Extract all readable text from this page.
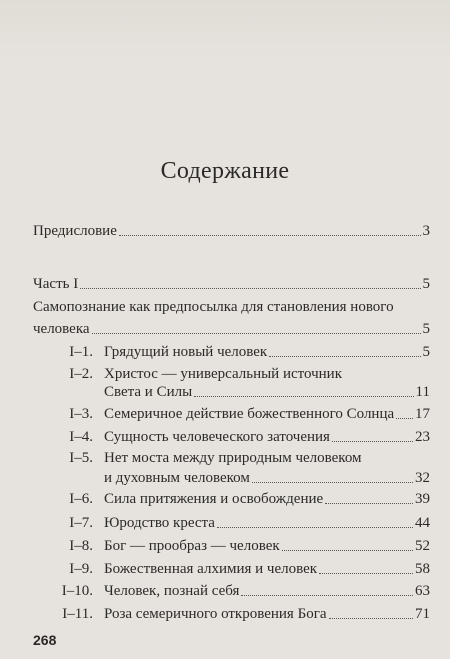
Содержание
Предисловие	3
Часть I	5
Самопознание как предпосылка для становления нового
человека	5
I–1. Грядущий новый человек	5
I–2. Христос — универсальный источник
Света и Силы	11
I–3. Семеричное действие божественного Солнца 17
I–4. Сущность человеческого заточения	23
I–5. Нет моста между природным человеком
и духовным человеком	32
I–6. Сила притяжения и освобождение	39
I–7. Юродство креста	44
I–8. Бог — прообраз — человек	52
I–9. Божественная алхимия и человек	58
I–10. Человек, познай себя	63
I–11. Роза семеричного откровения Бога	71
268
